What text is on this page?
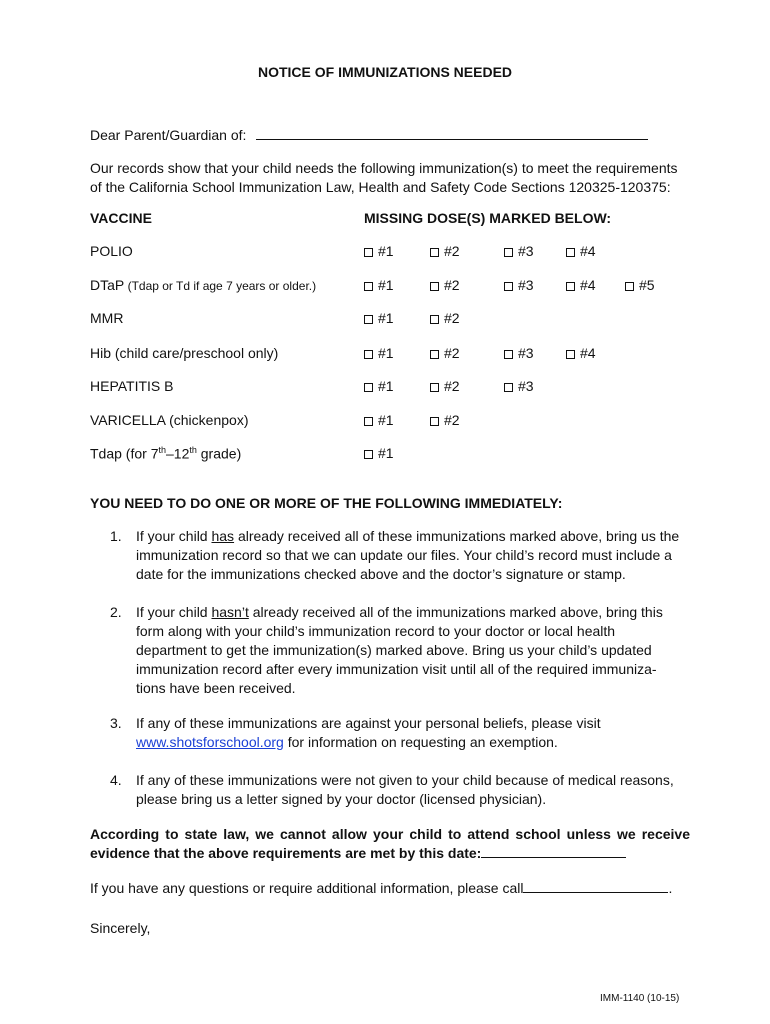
NOTICE OF IMMUNIZATIONS NEEDED
Dear Parent/Guardian of:
Our records show that your child needs the following immunization(s) to meet the requirements of the California School Immunization Law, Health and Safety Code Sections 120325-120375:
VACCINE	MISSING DOSE(S) MARKED BELOW:
POLIO	#1	#2	#3	#4
DTaP (Tdap or Td if age 7 years or older.)	#1	#2	#3	#4	#5
MMR	#1	#2
Hib (child care/preschool only)	#1	#2	#3	#4
HEPATITIS B	#1	#2	#3
VARICELLA (chickenpox)	#1	#2
Tdap (for 7th–12th grade)	#1
YOU NEED TO DO ONE OR MORE OF THE FOLLOWING IMMEDIATELY:
1. If your child has already received all of these immunizations marked above, bring us the immunization record so that we can update our files. Your child’s record must include a date for the immunizations checked above and the doctor’s signature or stamp.
2. If your child hasn’t already received all of the immunizations marked above, bring this form along with your child’s immunization record to your doctor or local health department to get the immunization(s) marked above. Bring us your child’s updated immunization record after every immunization visit until all of the required immuniza-tions have been received.
3. If any of these immunizations are against your personal beliefs, please visit www.shotsforschool.org for information on requesting an exemption.
4. If any of these immunizations were not given to your child because of medical reasons, please bring us a letter signed by your doctor (licensed physician).
According to state law, we cannot allow your child to attend school unless we receive evidence that the above requirements are met by this date:
If you have any questions or require additional information, please call	.
Sincerely,
IMM-1140 (10-15)
